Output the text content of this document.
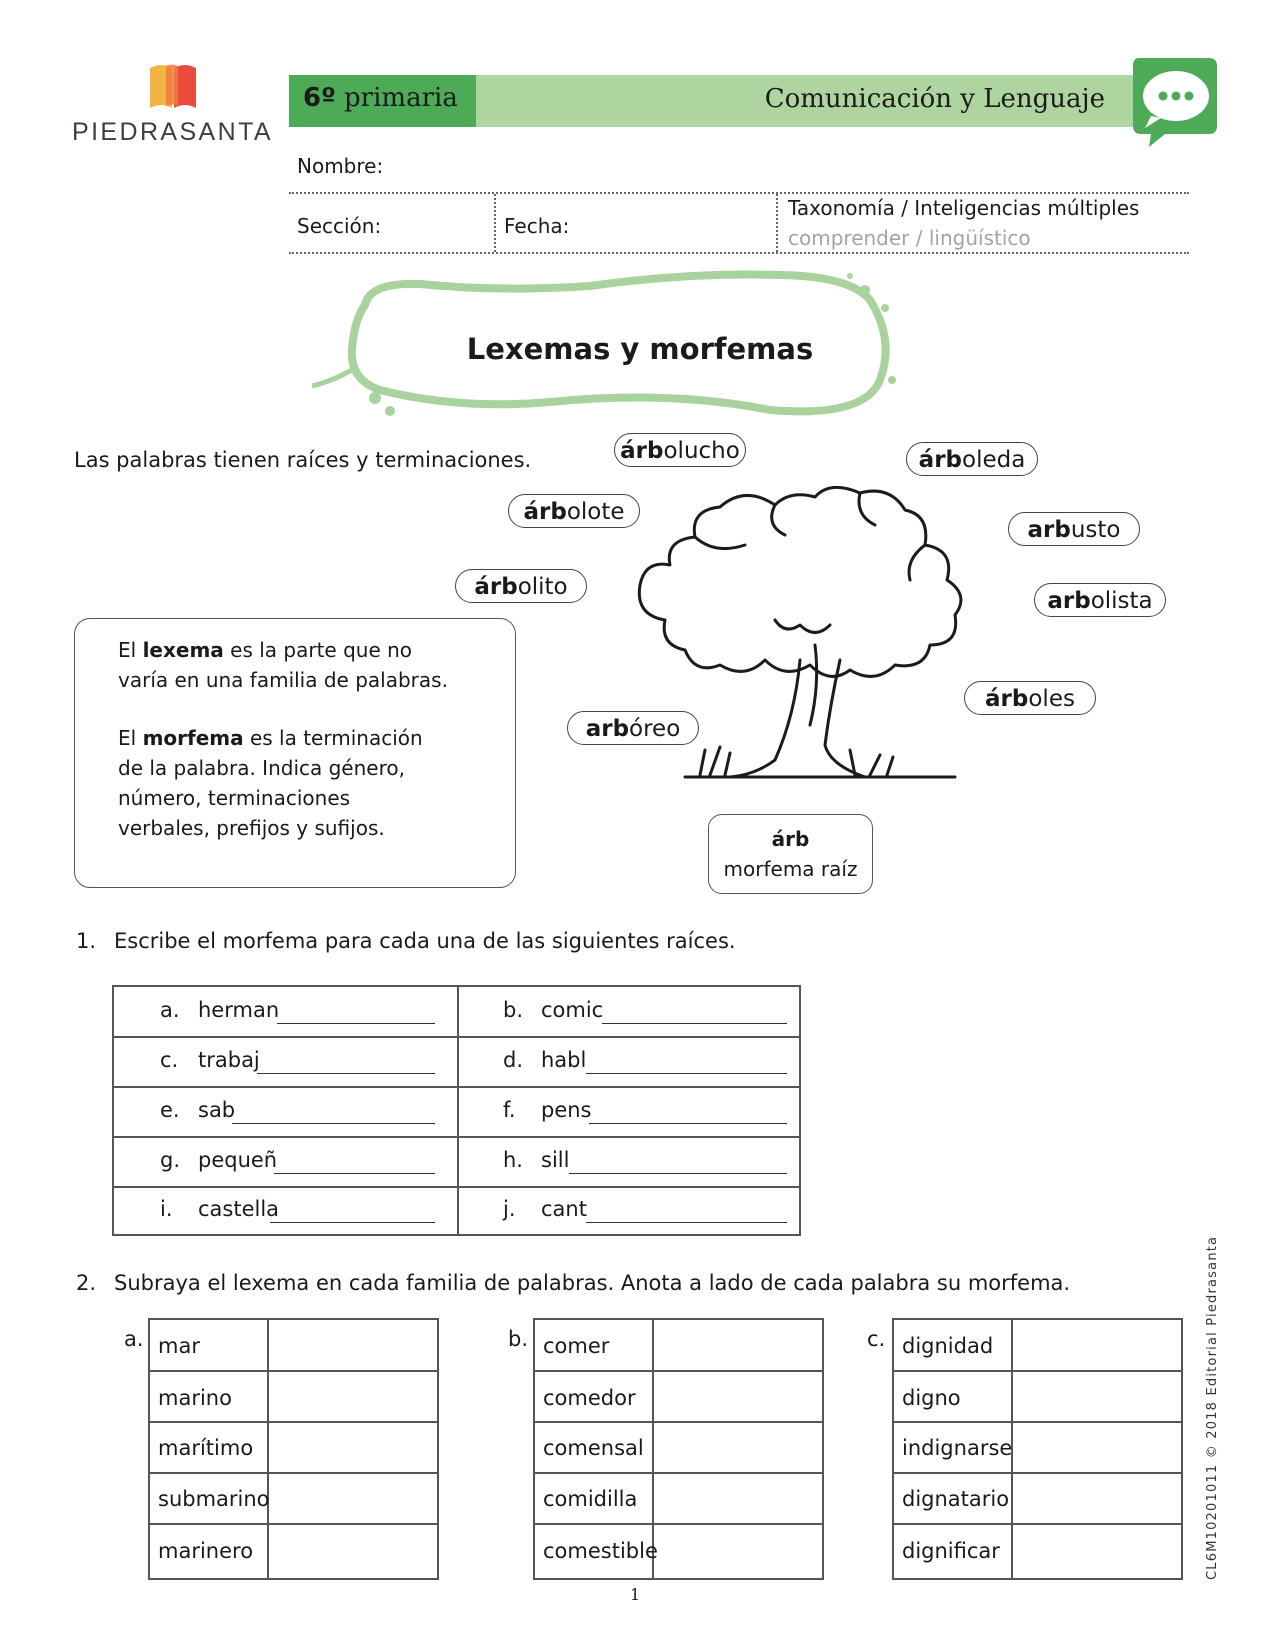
PIEDRASANTA
6º primaria	Comunicación y Lenguaje
Nombre:
Sección:	Fecha:
Taxonomía / Inteligencias múltiples
comprender / lingüístico
Lexemas y morfemas
Las palabras tienen raíces y terminaciones.	árbolucho	árboleda
árbolote
arbusto
árbolito
arbolista
árboles
arbóreo
El lexema es la parte que no varía en una familia de palabras.
El morfema es la terminación de la palabra. Indica género, número, terminaciones verbales, prefijos y sufijos.	árb
morfema raíz
1. Escribe el morfema para cada una de las siguientes raíces.
a. herman	b. comic
c. trabaj	d. habl
e. sab	f. pens
g. pequeñ	h. sill
i. castella	j. cant
2. Subraya el lexema en cada familia de palabras. Anota a lado de cada palabra su morfema.
a. mar
marino
marítimo
submarino
marinero
b. comer
comedor
comensal
comidilla
comestible
c. dignidad
digno
indignarse
dignatario
dignificar
1
CL6M10201011 © 2018 Editorial Piedrasanta
